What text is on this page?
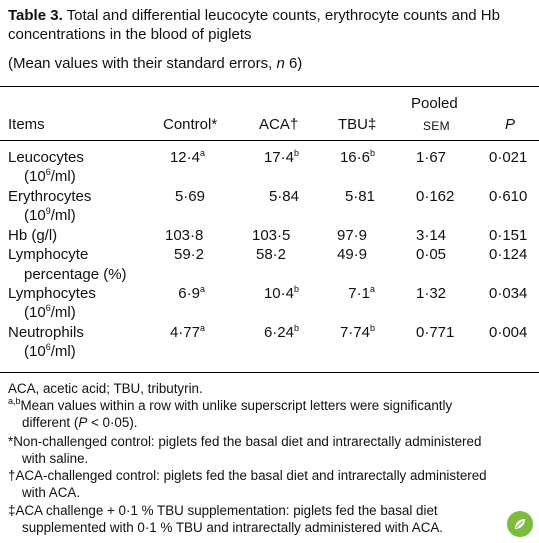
Table 3. Total and differential leucocyte counts, erythrocyte counts and Hb concentrations in the blood of piglets
(Mean values with their standard errors, n 6)
Pooled
Items	Control*	ACA†	TBU‡	SEM	P
Leucocytes
$(10^6/ml)$
$12\cdot 4^a$	$17\cdot 4^b$	$16\cdot 6^b$	1·67	0·021
Erythrocytes
$(10^9/ml)$
5·69	5·84	5·81	0·162 0·610
Hb (g/l)	103·8	103·5	97·9	3·14	0·151
Lymphocyte
percentage (%)
59·2	58·2	49·9	0·05	0·124
Lymphocytes
$(10^6/ml)$
$6\cdot 9^a$	$10\cdot 4^b$	$7\cdot 1^a$	1·32	0·034
Neutrophils
$(10^6/ml)$
$4\cdot 77^a$	$6\cdot 24^b$	$7\cdot 74^b$	0·771 0·004
ACA, acetic acid; TBU, tributyrin.
$^{a,b}$Mean values within a row with unlike superscript letters were significantly
different (P < 0·05).
*Non-challenged control: piglets fed the basal diet and intrarectally administered
with saline.
†ACA-challenged control: piglets fed the basal diet and intrarectally administered
with ACA.
‡ACA challenge + 0·1 % TBU supplementation: piglets fed the basal diet
supplemented with 0·1 % TBU and intrarectally administered with ACA.
